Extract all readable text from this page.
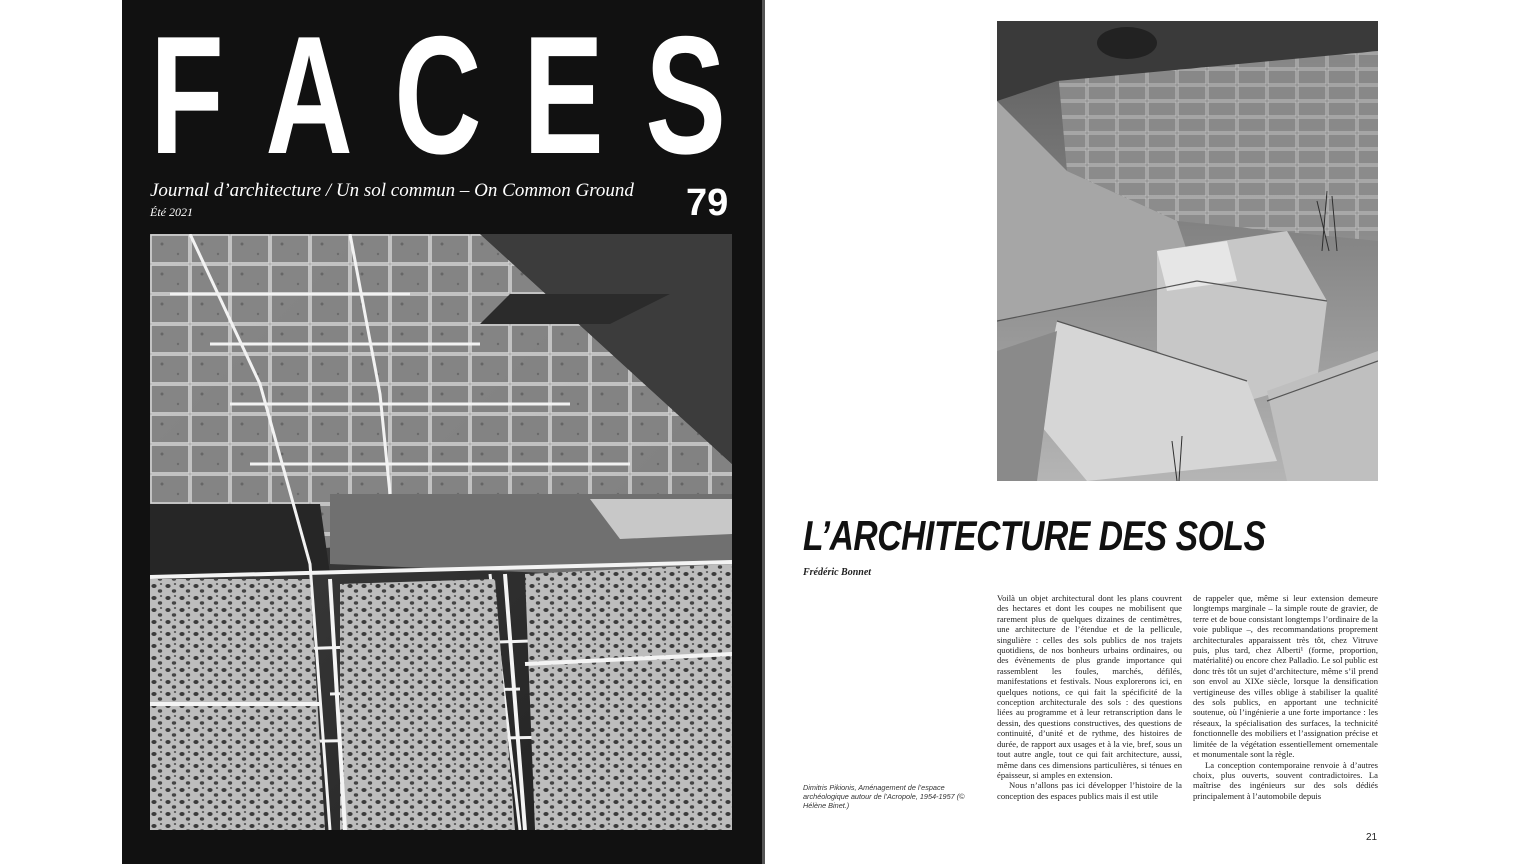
F A C E S
Journal d’architecture / Un sol commun – On Common Ground
Été 2021	79
L’ARCHITECTURE DES SOLS
Frédéric Bonnet

Voilà un objet architectural dont les plans couvrent des hectares et dont les coupes ne mobilisent que rarement plus de quelques dizaines de centimètres, une architecture de l’étendue et de la pellicule, singulière : celles des sols publics de nos trajets quotidiens, de nos bonheurs urbains ordinaires, ou des évènements de plus grande importance qui rassemblent les foules, marchés, défilés, manifestations et festivals. Nous explorerons ici, en quelques notions, ce qui fait la spécificité de la conception architecturale des sols : des questions liées au programme et à leur retranscription dans le dessin, des questions constructives, des questions de continuité, d’unité et de rythme, des histoires de durée, de rapport aux usages et à la vie, bref, sous un tout autre angle, tout ce qui fait architecture, aussi, même dans ces dimensions particulières, si ténues en épaisseur, si amples en extension.

Nous n’allons pas ici développer l’histoire de la conception des espaces publics mais il est utile

de rappeler que, même si leur extension demeure longtemps marginale – la simple route de gravier, de terre et de boue consistant longtemps l’ordinaire de la voie publique –, des recommandations proprement architecturales apparaissent très tôt, chez Vitruve puis, plus tard, chez Alberti¹ (forme, proportion, matérialité) ou encore chez Palladio. Le sol public est donc très tôt un sujet d’architecture, même s’il prend son envol au XIXe siècle, lorsque la densification vertigineuse des villes oblige à stabiliser la qualité des sols publics, en apportant une technicité soutenue, où l’ingénierie a une forte importance : les réseaux, la spécialisation des surfaces, la technicité fonctionnelle des mobiliers et l’assignation précise et limitée de la végétation essentiellement ornementale et monumentale sont la règle.

La conception contemporaine renvoie à d’autres choix, plus ouverts, souvent contradictoires. La maîtrise des ingénieurs sur des sols dédiés principalement à l’automobile depuis

Dimitris Pikionis, Aménagement de l’espace archéologique autour de l’Acropole, 1954-1957 (© Hélène Binet.)
21
